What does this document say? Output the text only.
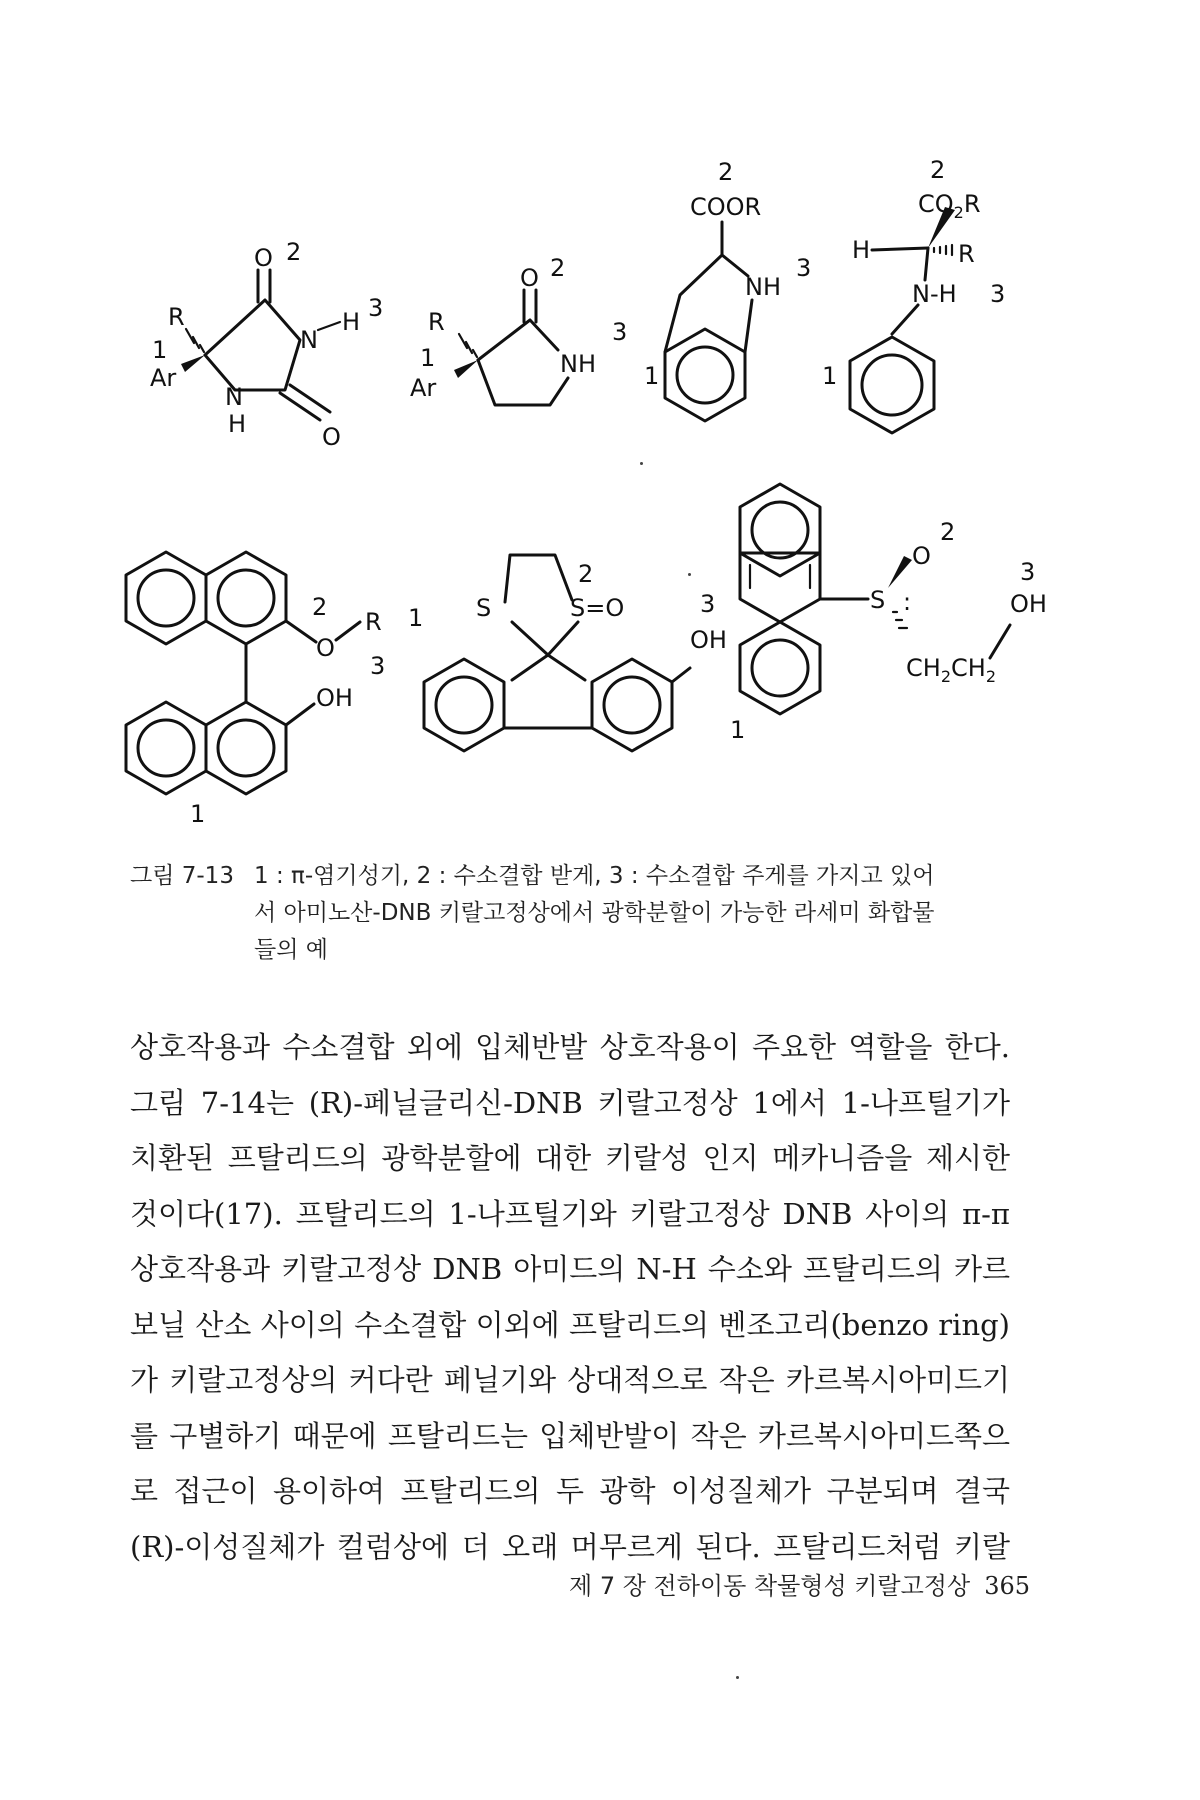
O 2
N
H 3
N
H	O
R
1
Ar
O 2
NH
3
R
1
Ar
2
COOR
NH
3
1
2
$CO_2R$
H	R
N-H 3
1
2
O
R
3
OH
1
S	S=O
2
1	3
OH
2
O
S :
$CH_2CH_2$
OH
3
1
그림 7-13 1 : π-염기성기, 2 : 수소결합 받게, 3 : 수소결합 주게를 가지고 있어
서 아미노산-DNB 키랄고정상에서 광학분할이 가능한 라세미 화합물
들의 예
상호작용과 수소결합 외에 입체반발 상호작용이 주요한 역할을 한다.
그림 7-14는 (R)-페닐글리신-DNB 키랄고정상 1에서 1-나프틸기가
치환된 프탈리드의 광학분할에 대한 키랄성 인지 메카니즘을 제시한
것이다(17). 프탈리드의 1-나프틸기와 키랄고정상 DNB 사이의 π-π
상호작용과 키랄고정상 DNB 아미드의 N-H 수소와 프탈리드의 카르
보닐 산소 사이의 수소결합 이외에 프탈리드의 벤조고리(benzo ring)
가 키랄고정상의 커다란 페닐기와 상대적으로 작은 카르복시아미드기
를 구별하기 때문에 프탈리드는 입체반발이 작은 카르복시아미드쪽으
로 접근이 용이하여 프탈리드의 두 광학 이성질체가 구분되며 결국
(R)-이성질체가 컬럼상에 더 오래 머무르게 된다. 프탈리드처럼 키랄
제 7 장 전하이동 착물형성 키랄고정상 365
